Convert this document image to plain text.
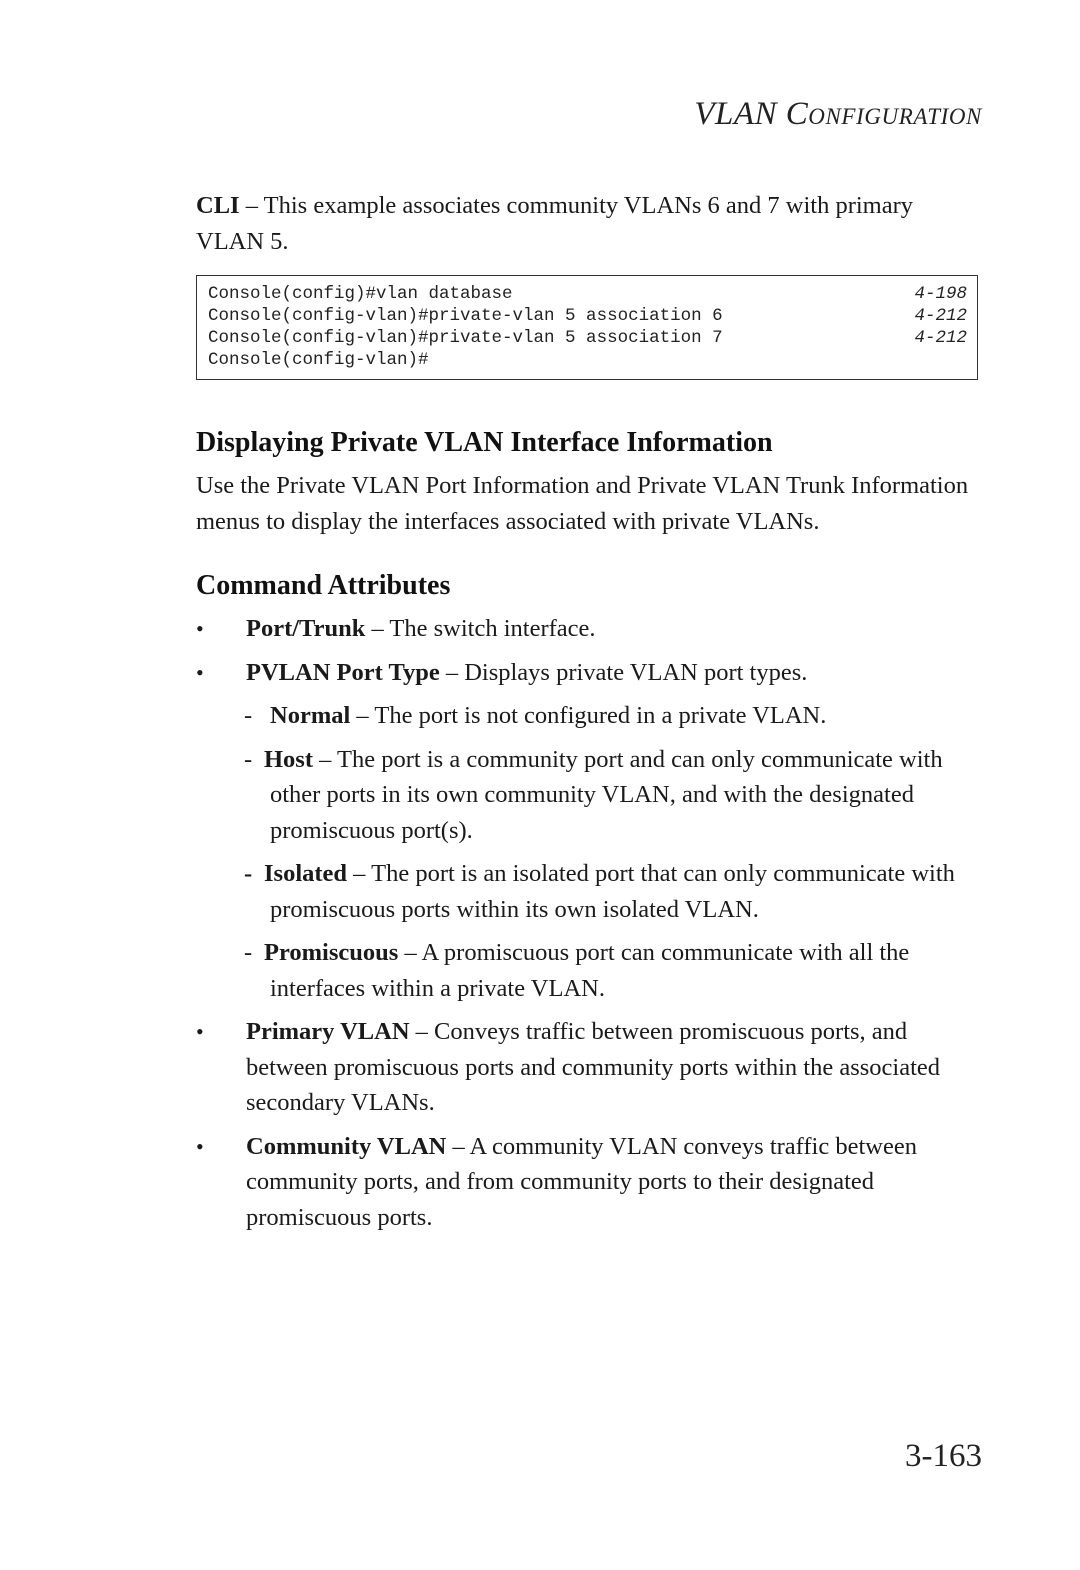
VLAN CONFIGURATION

CLI – This example associates community VLANs 6 and 7 with primary VLAN 5.

Console(config)#vlan database	4-198
Console(config-vlan)#private-vlan 5 association 6	4-212
Console(config-vlan)#private-vlan 5 association 7	4-212
Console(config-vlan)#
Displaying Private VLAN Interface Information

Use the Private VLAN Port Information and Private VLAN Trunk Information menus to display the interfaces associated with private VLANs.

Command Attributes
•	Port/Trunk – The switch interface.

•	PVLAN Port Type – Displays private VLAN port types.

- Normal – The port is not configured in a private VLAN.

- Host – The port is a community port and can only communicate with other ports in its own community VLAN, and with the designated promiscuous port(s).

- Isolated – The port is an isolated port that can only communicate with promiscuous ports within its own isolated VLAN.

- Promiscuous – A promiscuous port can communicate with all the interfaces within a private VLAN.

•	Primary VLAN – Conveys traffic between promiscuous ports, and between promiscuous ports and community ports within the associated secondary VLANs.

•	Community VLAN – A community VLAN conveys traffic between community ports, and from community ports to their designated promiscuous ports.

3-163
